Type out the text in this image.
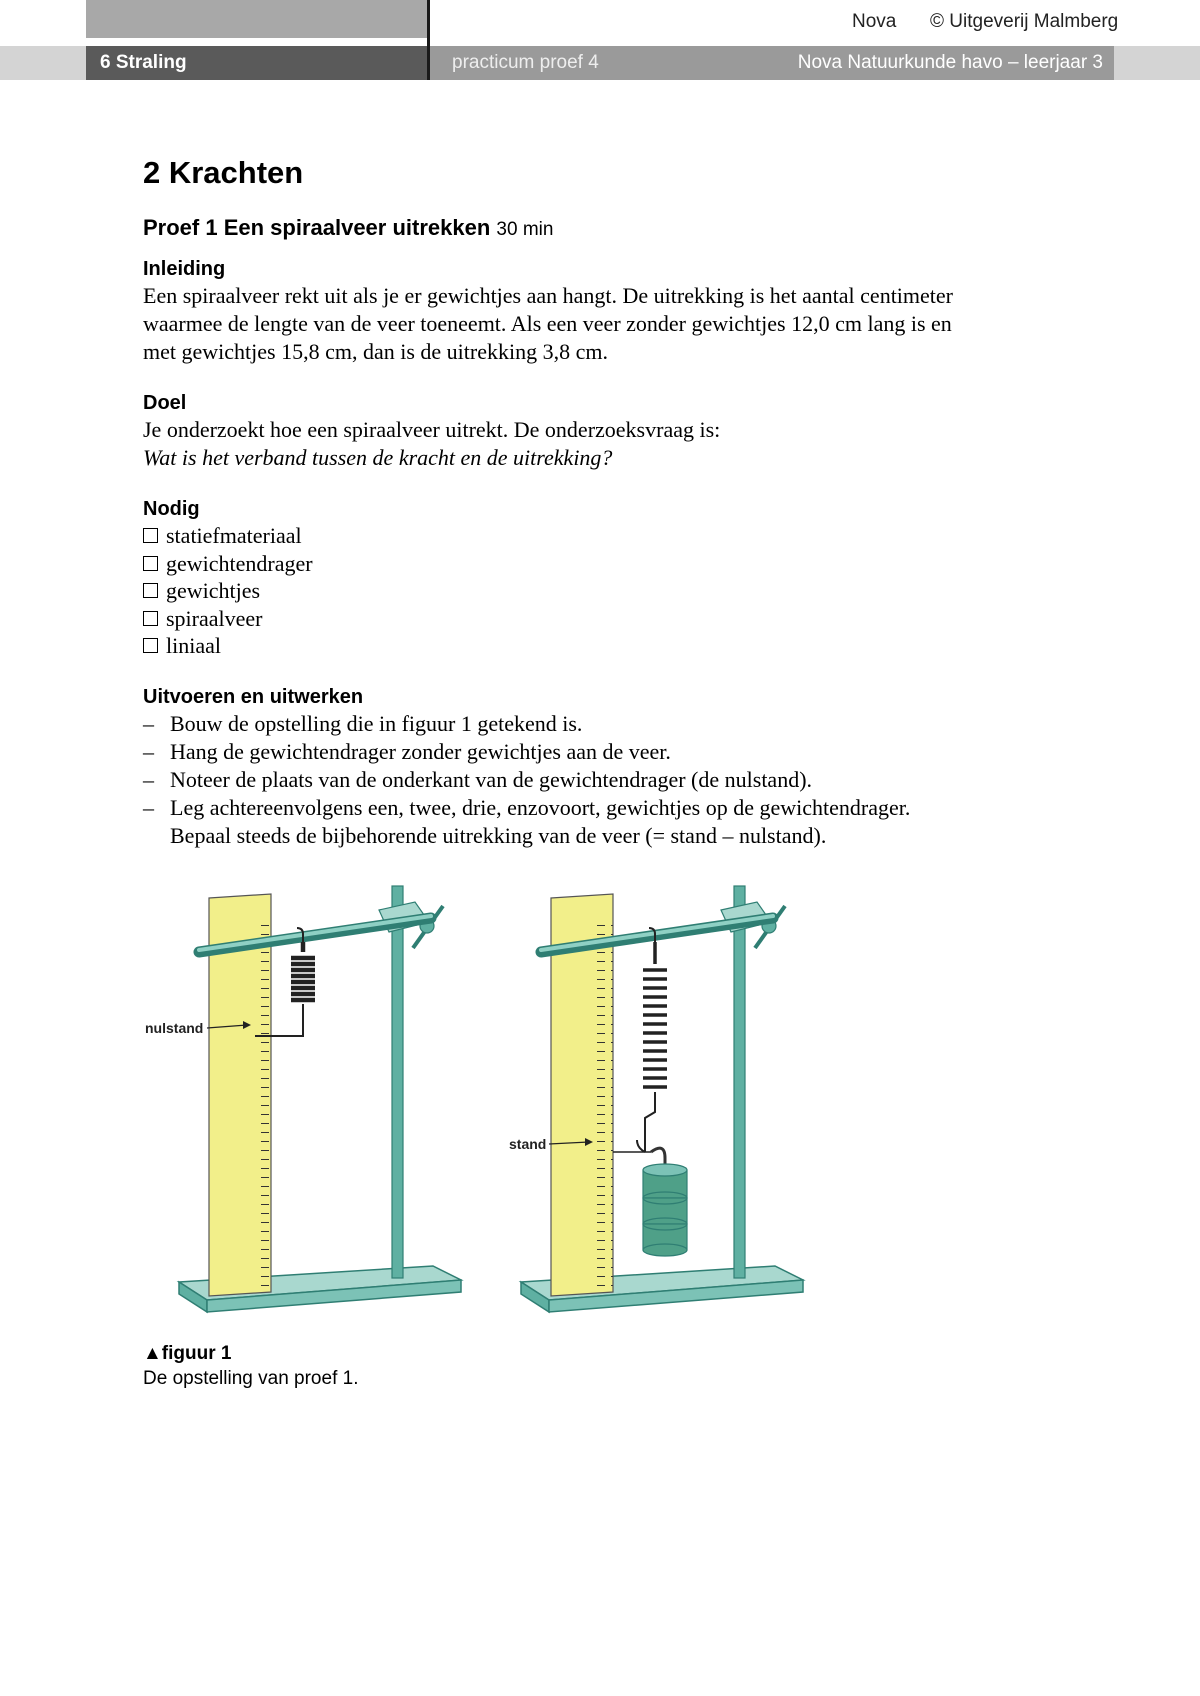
6 Straling	practicum proef 4	Nova Natuurkunde havo – leerjaar 3
Nova © Uitgeverij Malmberg
2 Krachten
Proef 1 Een spiraalveer uitrekken 30 min
Inleiding

Een spiraalveer rekt uit als je er gewichtjes aan hangt. De uitrekking is het aantal centimeter

waarmee de lengte van de veer toeneemt. Als een veer zonder gewichtjes 12,0 cm lang is en

met gewichtjes 15,8 cm, dan is de uitrekking 3,8 cm.

Doel

Je onderzoekt hoe een spiraalveer uitrekt. De onderzoeksvraag is:

Wat is het verband tussen de kracht en de uitrekking?

Nodig
statiefmateriaal
gewichtendrager
gewichtjes
spiraalveer
liniaal
Uitvoeren en uitwerken
– Bouw de opstelling die in figuur 1 getekend is.
– Hang de gewichtendrager zonder gewichtjes aan de veer.
– Noteer de plaats van de onderkant van de gewichtendrager (de nulstand).
– Leg achtereenvolgens een, twee, drie, enzovoort, gewichtjes op de gewichtendrager.
Bepaal steeds de bijbehorende uitrekking van de veer (= stand – nulstand).
nulstand
stand
▲figuur 1
De opstelling van proef 1.
